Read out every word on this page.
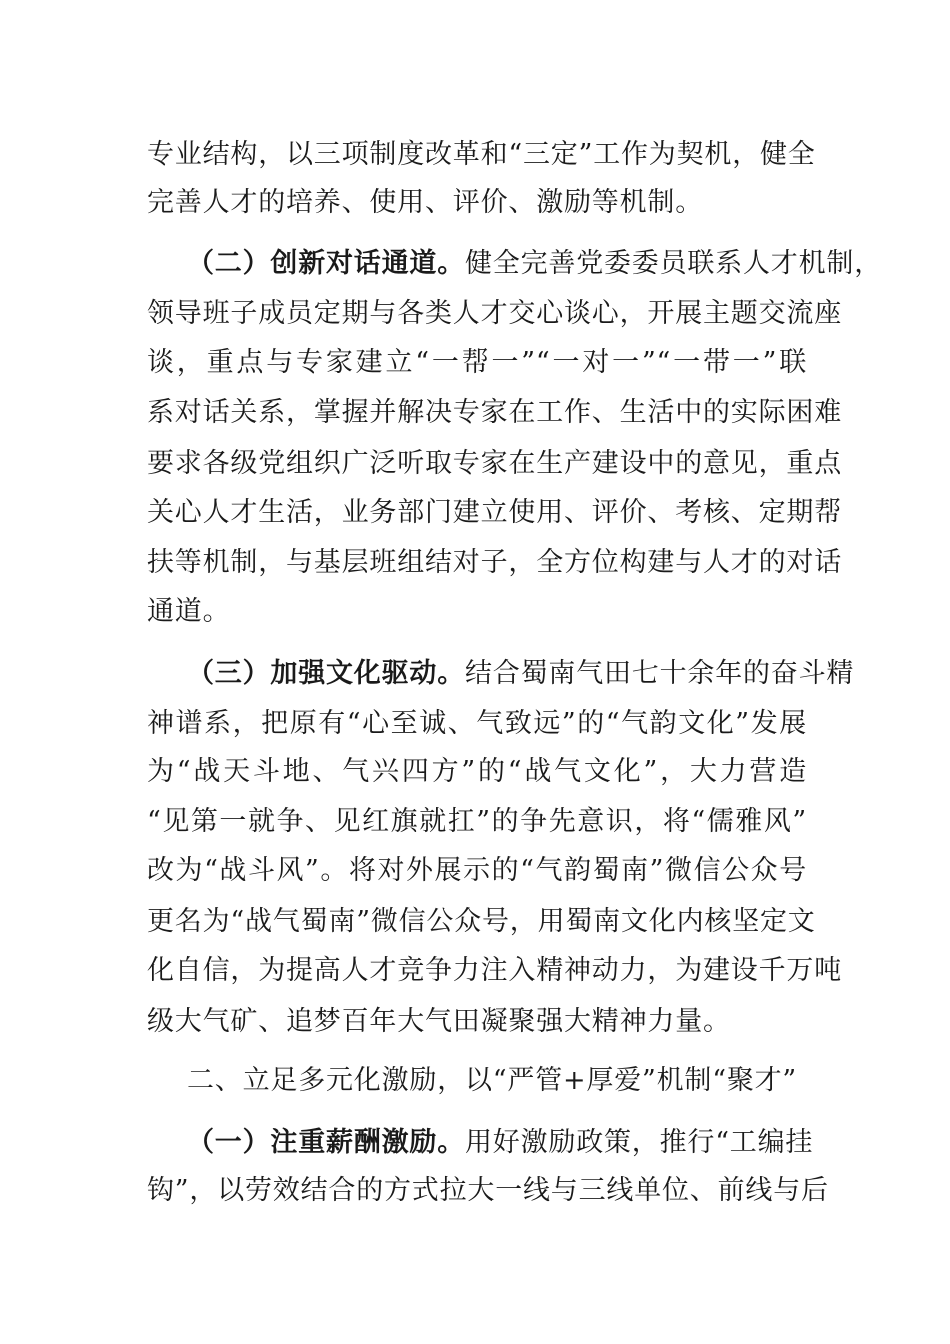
专业结构，以三项制度改革和“三定”工作为契机，健全
完善人才的培养、使用、评价、激励等机制。
（二）创新对话通道。健全完善党委委员联系人才机制，
领导班子成员定期与各类人才交心谈心，开展主题交流座
谈，重点与专家建立“一帮一”“一对一”“一带一”联
系对话关系，掌握并解决专家在工作、生活中的实际困难
要求各级党组织广泛听取专家在生产建设中的意见，重点
关心人才生活，业务部门建立使用、评价、考核、定期帮
扶等机制，与基层班组结对子，全方位构建与人才的对话
通道。
（三）加强文化驱动。结合蜀南气田七十余年的奋斗精
神谱系，把原有“心至诚、气致远”的“气韵文化”发展
为“战天斗地、气兴四方”的“战气文化”，大力营造
“见第一就争、见红旗就扛”的争先意识，将“儒雅风”
改为“战斗风”。将对外展示的“气韵蜀南”微信公众号
更名为“战气蜀南”微信公众号，用蜀南文化内核坚定文
化自信，为提高人才竞争力注入精神动力，为建设千万吨
级大气矿、追梦百年大气田凝聚强大精神力量。
二、立足多元化激励，以“严管+厚爱”机制“聚才”
（一）注重薪酬激励。用好激励政策，推行“工编挂
钩”，以劳效结合的方式拉大一线与三线单位、前线与后
